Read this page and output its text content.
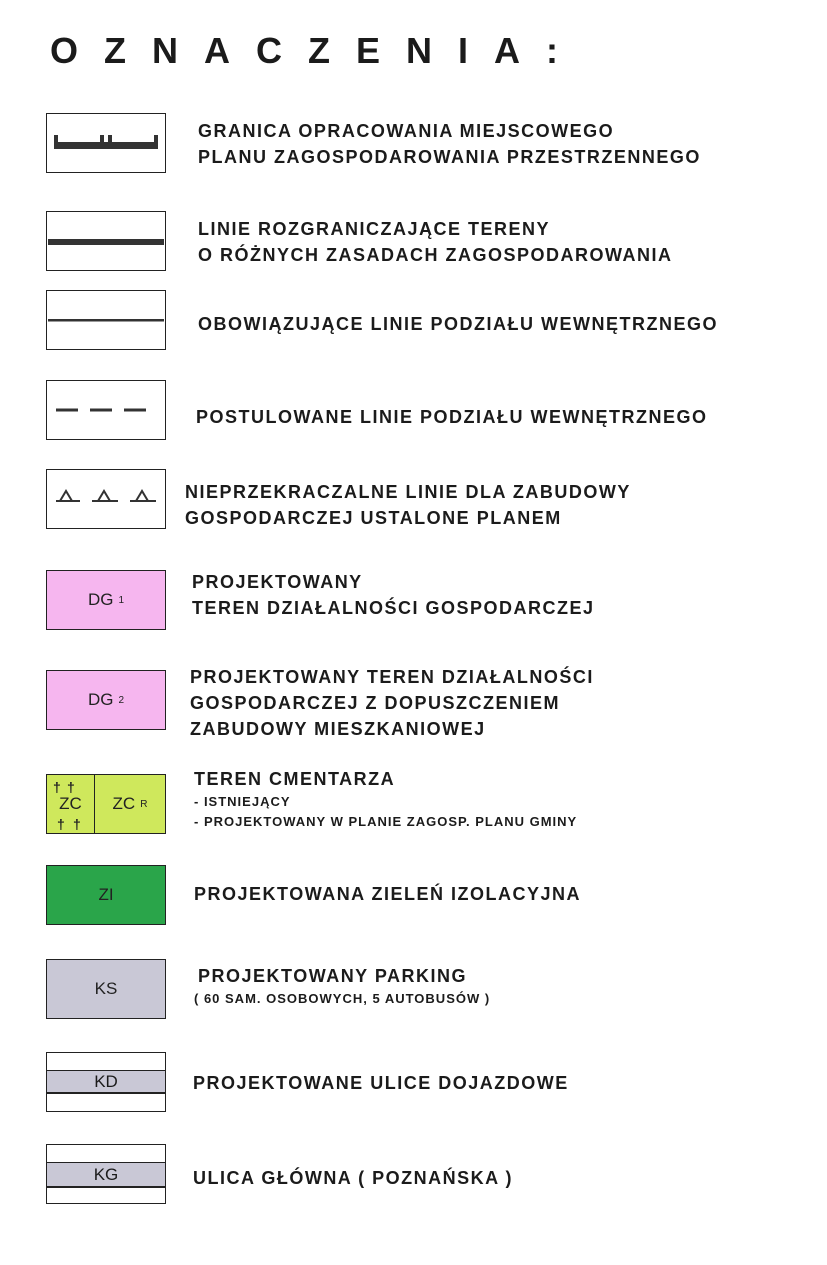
OZNACZENIA:
GRANICA OPRACOWANIA MIEJSCOWEGO
PLANU ZAGOSPODAROWANIA PRZESTRZENNEGO
LINIE ROZGRANICZAJĄCE TERENY
O RÓŻNYCH ZASADACH ZAGOSPODAROWANIA
OBOWIĄZUJĄCE LINIE PODZIAŁU WEWNĘTRZNEGO
POSTULOWANE LINIE PODZIAŁU WEWNĘTRZNEGO
NIEPRZEKRACZALNE LINIE DLA ZABUDOWY
GOSPODARCZEJ USTALONE PLANEM
DG 1
PROJEKTOWANY
TEREN DZIAŁALNOŚCI GOSPODARCZEJ
DG 2
PROJEKTOWANY TEREN DZIAŁALNOŚCI
GOSPODARCZEJ Z DOPUSZCZENIEM
ZABUDOWY MIESZKANIOWEJ
† †
ZC
† †
ZC R
TEREN CMENTARZA
- ISTNIEJĄCY
- PROJEKTOWANY W PLANIE ZAGOSP. PLANU GMINY
ZI	PROJEKTOWANA ZIELEŃ IZOLACYJNA
KS
PROJEKTOWANY PARKING
( 60 SAM. OSOBOWYCH, 5 AUTOBUSÓW )
KD	PROJEKTOWANE ULICE DOJAZDOWE
KG	ULICA GŁÓWNA ( POZNAŃSKA )
